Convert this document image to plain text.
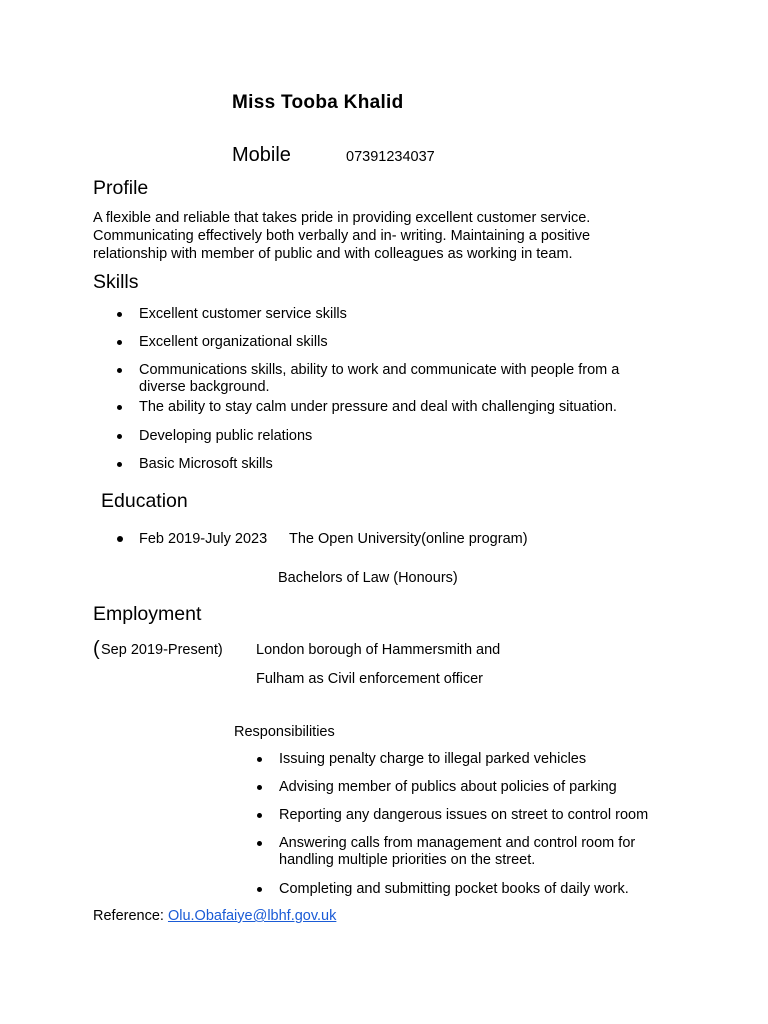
Miss Tooba Khalid
Mobile	07391234037
Profile
A flexible and reliable that takes pride in providing excellent customer service.
Communicating effectively both verbally and in- writing. Maintaining a positive
relationship with member of public and with colleagues as working in team.
Skills
Excellent customer service skills
Excellent organizational skills
Communications skills, ability to work and communicate with people from a
diverse background.
The ability to stay calm under pressure and deal with challenging situation.
Developing public relations
Basic Microsoft skills
Education
Feb 2019-July 2023 The Open University(online program)
Bachelors of Law (Honours)
Employment
( Sep 2019-Present) London borough of Hammersmith and
Fulham as Civil enforcement officer
Responsibilities
Issuing penalty charge to illegal parked vehicles
Advising member of publics about policies of parking
Reporting any dangerous issues on street to control room
Answering calls from management and control room for
handling multiple priorities on the street.
Completing and submitting pocket books of daily work.
Reference: Olu.Obafaiye@lbhf.gov.uk
